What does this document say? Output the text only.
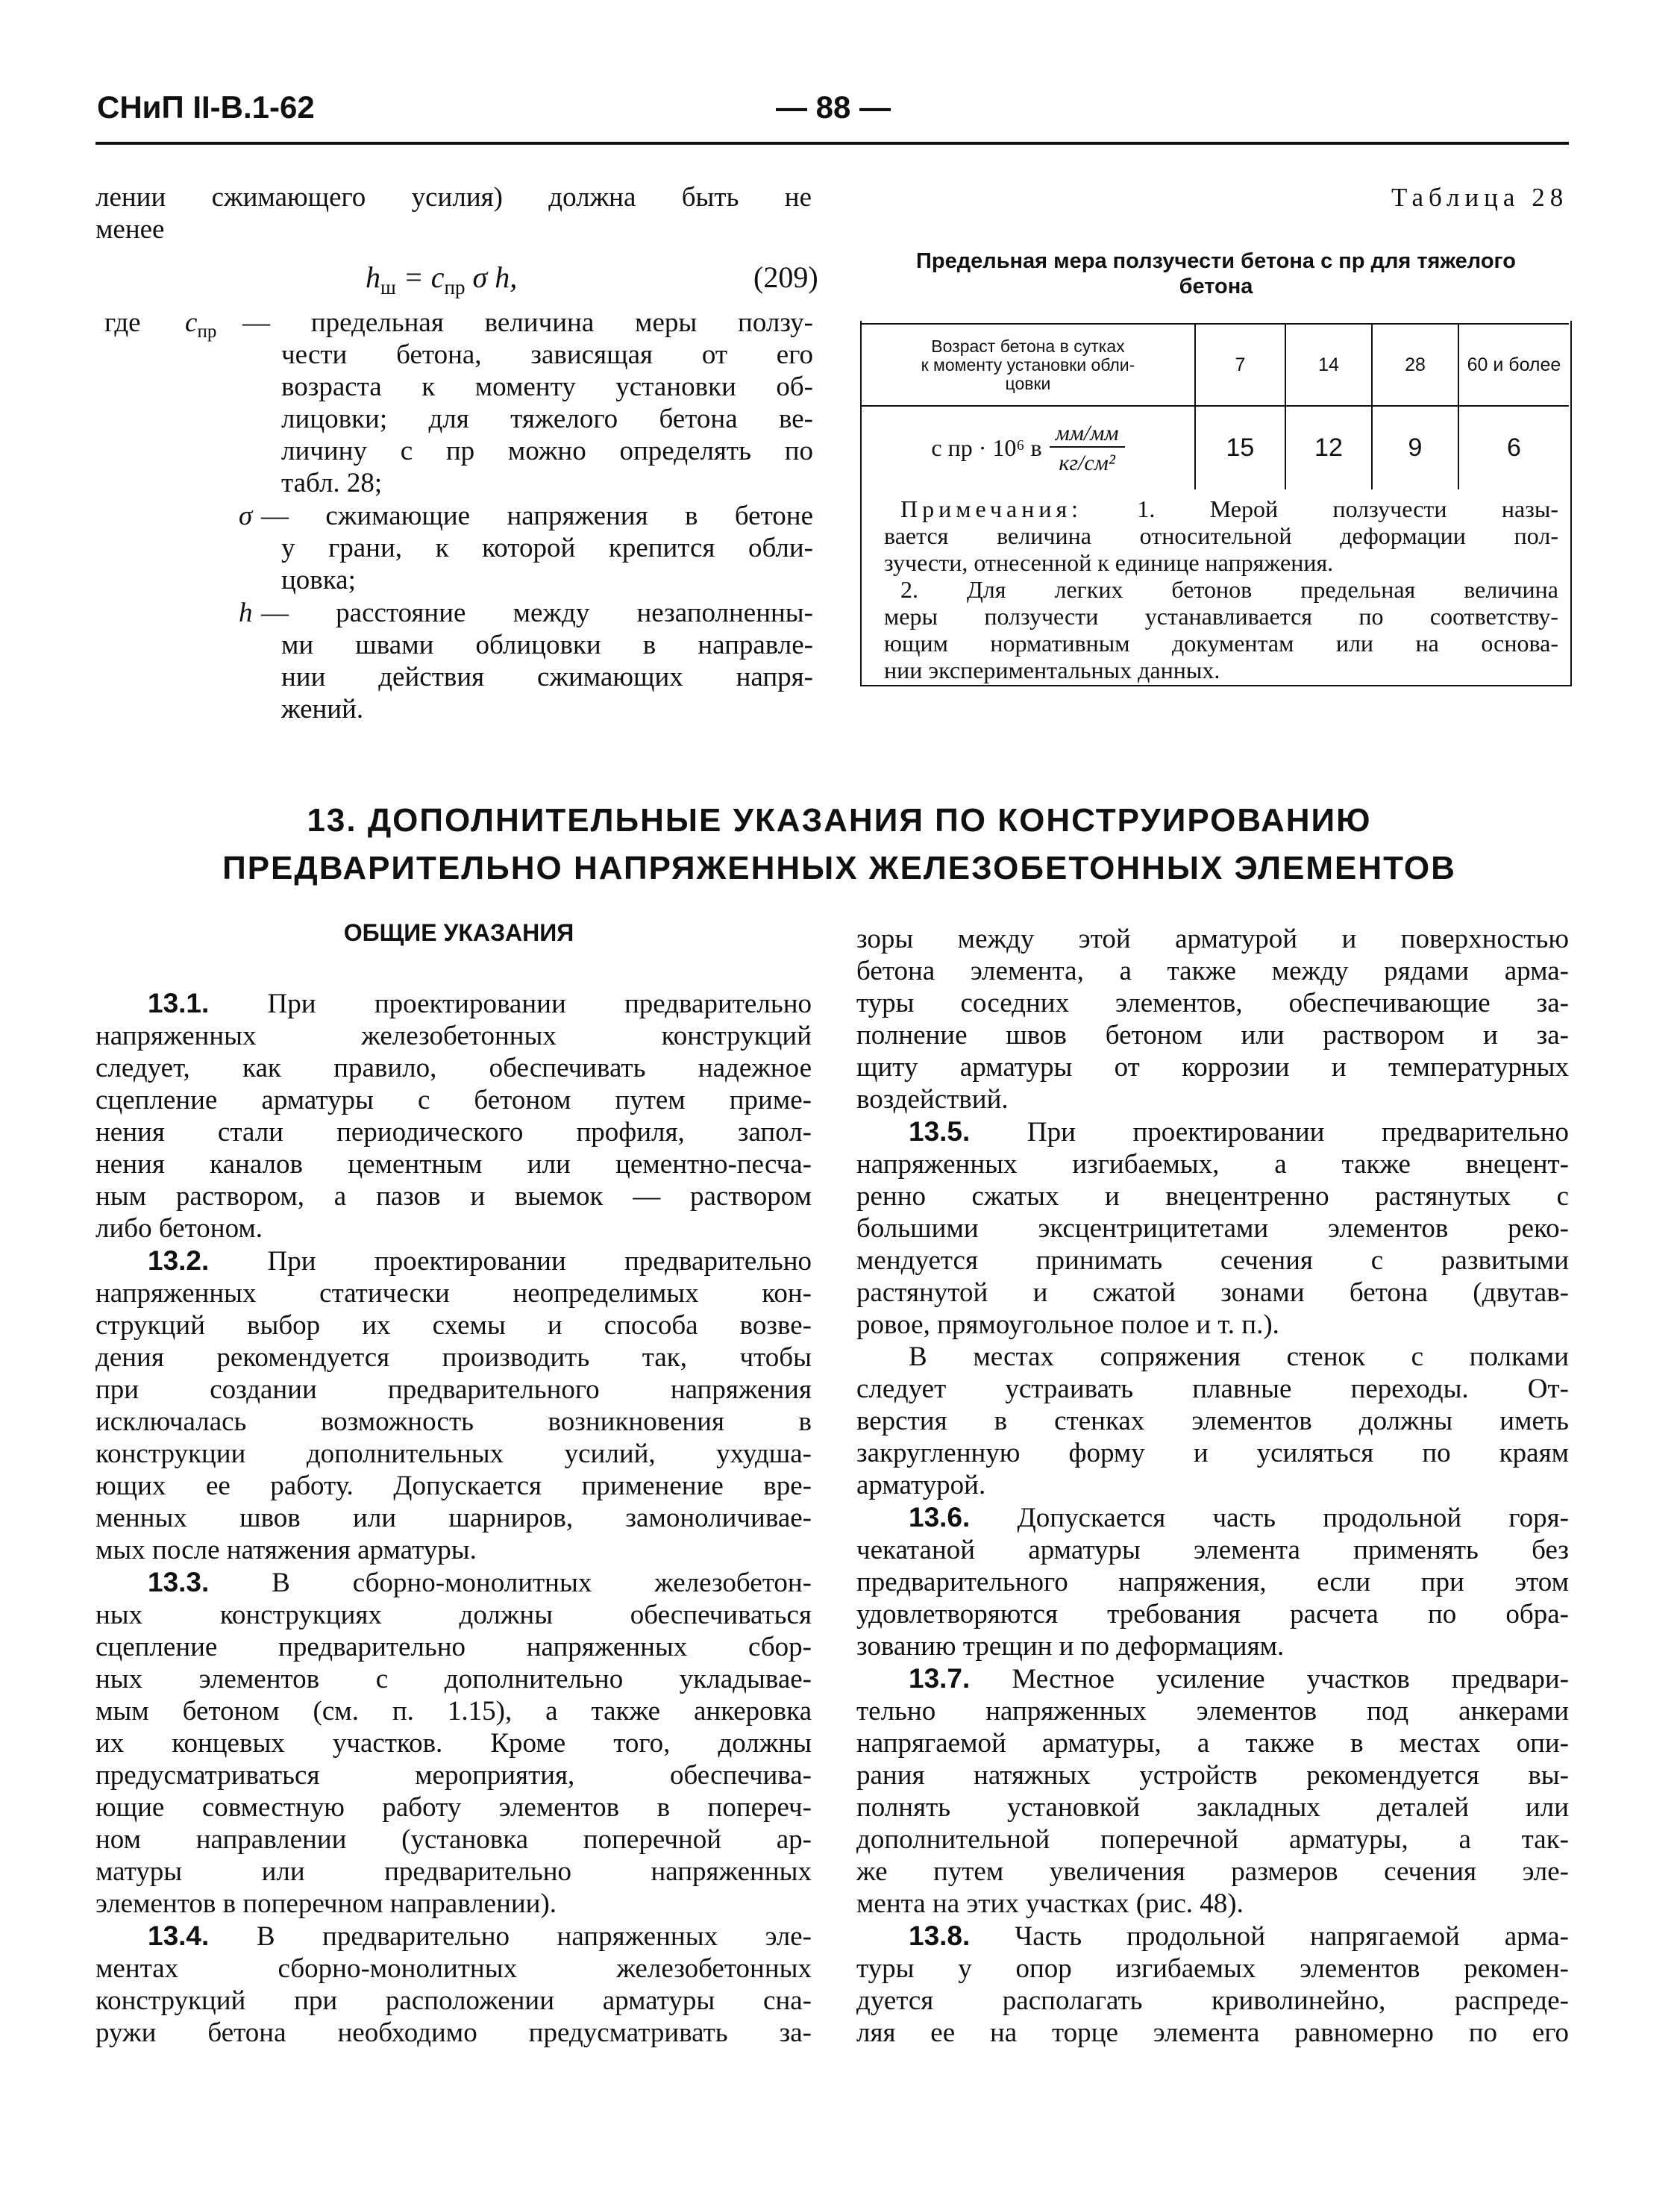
СНиП II-В.1-62	— 88 —
лении сжимающего усилия) должна быть не
менее
$h_ш = c_{пр}$ σ h,	(209)
где $c_{пр}$ — предельная величина меры ползу-
чести бетона, зависящая от его
возраста к моменту установки об-
лицовки; для тяжелого бетона ве-
личину c пр можно определять по
табл. 28;
σ — сжимающие напряжения в бетоне
у грани, к которой крепится обли-
цовка;
h — расстояние между незаполненны-
ми швами облицовки в направле-
нии действия сжимающих напря-
жений.
Таблица 28
Предельная мера ползучести бетона c пр для тяжелого
бетона
Возраст бетона в сутках
к моменту установки обли-
цовки	7	14	28	60 и более

c пр · 10⁶ в
мм/мм
кг/см²	15	12	9	6
Примечания: 1. Мерой ползучести назы-
вается величина относительной деформации пол-
зучести, отнесенной к единице напряжения.
2. Для легких бетонов предельная величина
меры ползучести устанавливается по соответству-
ющим нормативным документам или на основа-
нии экспериментальных данных.
13. ДОПОЛНИТЕЛЬНЫЕ УКАЗАНИЯ ПО КОНСТРУИРОВАНИЮ
ПРЕДВАРИТЕЛЬНО НАПРЯЖЕННЫХ ЖЕЛЕЗОБЕТОННЫХ ЭЛЕМЕНТОВ
ОБЩИЕ УКАЗАНИЯ
13.1. При проектировании предварительно
напряженных железобетонных конструкций
следует, как правило, обеспечивать надежное
сцепление арматуры с бетоном путем приме-
нения стали периодического профиля, запол-
нения каналов цементным или цементно-песча-
ным раствором, а пазов и выемок — раствором
либо бетоном.
13.2. При проектировании предварительно
напряженных статически неопределимых кон-
струкций выбор их схемы и способа возве-
дения рекомендуется производить так, чтобы
при создании предварительного напряжения
исключалась возможность возникновения в
конструкции дополнительных усилий, ухудша-
ющих ее работу. Допускается применение вре-
менных швов или шарниров, замоноличивае-
мых после натяжения арматуры.
13.3. В сборно-монолитных железобетон-
ных конструкциях должны обеспечиваться
сцепление предварительно напряженных сбор-
ных элементов с дополнительно укладывае-
мым бетоном (см. п. 1.15), а также анкеровка
их концевых участков. Кроме того, должны
предусматриваться мероприятия, обеспечива-
ющие совместную работу элементов в попереч-
ном направлении (установка поперечной ар-
матуры или предварительно напряженных
элементов в поперечном направлении).
13.4. В предварительно напряженных эле-
ментах сборно-монолитных железобетонных
конструкций при расположении арматуры сна-
ружи бетона необходимо предусматривать за-
зоры между этой арматурой и поверхностью
бетона элемента, а также между рядами арма-
туры соседних элементов, обеспечивающие за-
полнение швов бетоном или раствором и за-
щиту арматуры от коррозии и температурных
воздействий.
13.5. При проектировании предварительно
напряженных изгибаемых, а также внецент-
ренно сжатых и внецентренно растянутых с
большими эксцентрицитетами элементов реко-
мендуется принимать сечения с развитыми
растянутой и сжатой зонами бетона (двутав-
ровое, прямоугольное полое и т. п.).
В местах сопряжения стенок с полками
следует устраивать плавные переходы. От-
верстия в стенках элементов должны иметь
закругленную форму и усиляться по краям
арматурой.
13.6. Допускается часть продольной горя-
чекатаной арматуры элемента применять без
предварительного напряжения, если при этом
удовлетворяются требования расчета по обра-
зованию трещин и по деформациям.
13.7. Местное усиление участков предвари-
тельно напряженных элементов под анкерами
напрягаемой арматуры, а также в местах опи-
рания натяжных устройств рекомендуется вы-
полнять установкой закладных деталей или
дополнительной поперечной арматуры, а так-
же путем увеличения размеров сечения эле-
мента на этих участках (рис. 48).
13.8. Часть продольной напрягаемой арма-
туры у опор изгибаемых элементов рекомен-
дуется располагать криволинейно, распреде-
ляя ее на торце элемента равномерно по его
